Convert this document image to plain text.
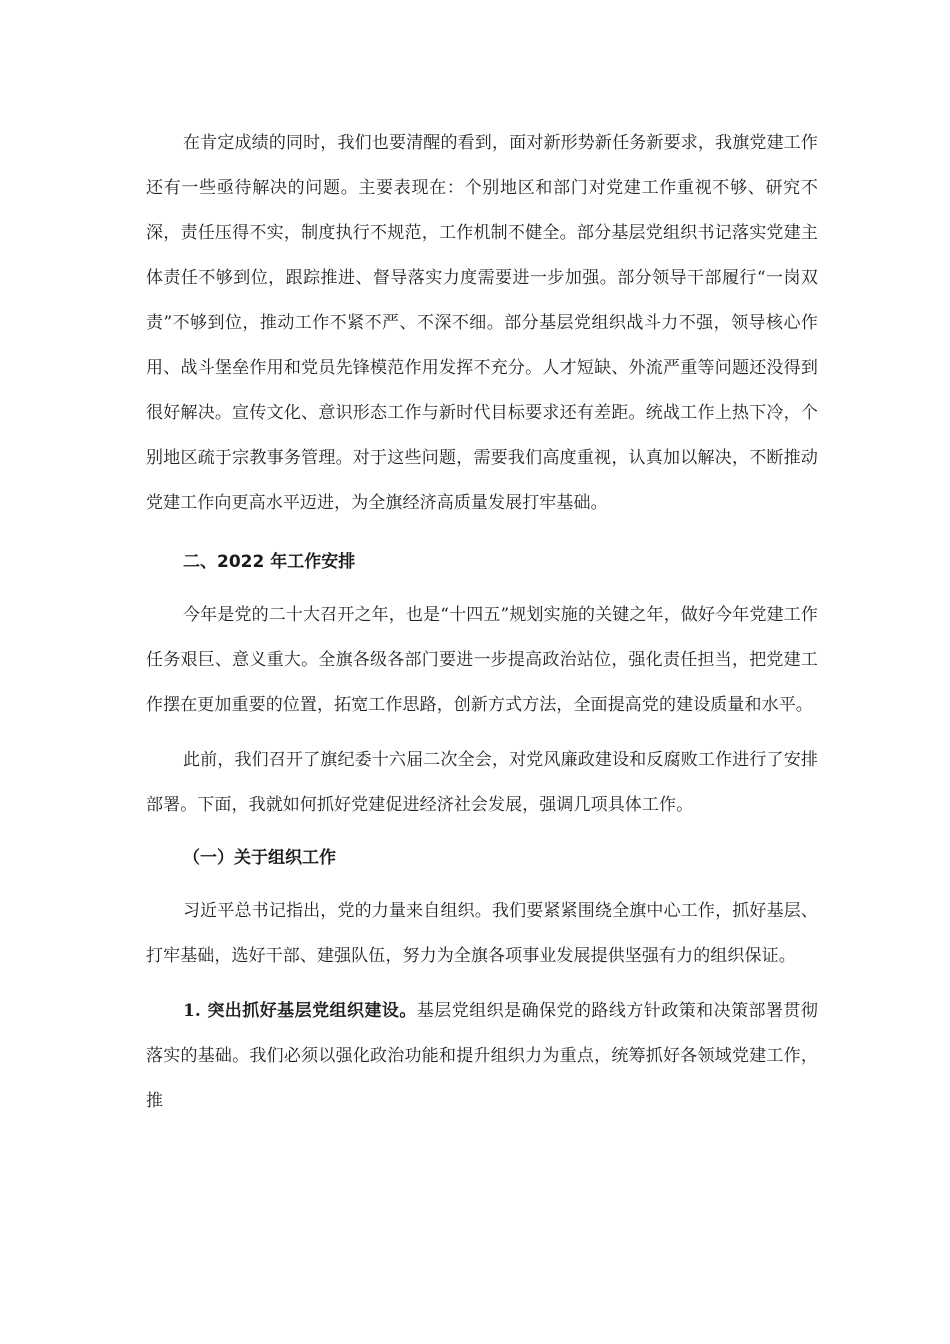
在肯定成绩的同时，我们也要清醒的看到，面对新形势新任务新要求，我旗党建工作还有一些亟待解决的问题。主要表现在：个别地区和部门对党建工作重视不够、研究不深，责任压得不实，制度执行不规范，工作机制不健全。部分基层党组织书记落实党建主体责任不够到位，跟踪推进、督导落实力度需要进一步加强。部分领导干部履行“一岗双责”不够到位，推动工作不紧不严、不深不细。部分基层党组织战斗力不强，领导核心作用、战斗堡垒作用和党员先锋模范作用发挥不充分。人才短缺、外流严重等问题还没得到很好解决。宣传文化、意识形态工作与新时代目标要求还有差距。统战工作上热下冷，个别地区疏于宗教事务管理。对于这些问题，需要我们高度重视，认真加以解决，不断推动党建工作向更高水平迈进，为全旗经济高质量发展打牢基础。

二、2022 年工作安排

今年是党的二十大召开之年，也是“十四五”规划实施的关键之年，做好今年党建工作任务艰巨、意义重大。全旗各级各部门要进一步提高政治站位，强化责任担当，把党建工作摆在更加重要的位置，拓宽工作思路，创新方式方法，全面提高党的建设质量和水平。

此前，我们召开了旗纪委十六届二次全会，对党风廉政建设和反腐败工作进行了安排部署。下面，我就如何抓好党建促进经济社会发展，强调几项具体工作。

（一）关于组织工作

习近平总书记指出，党的力量来自组织。我们要紧紧围绕全旗中心工作，抓好基层、打牢基础，选好干部、建强队伍，努力为全旗各项事业发展提供坚强有力的组织保证。

1. 突出抓好基层党组织建设。基层党组织是确保党的路线方针政策和决策部署贯彻落实的基础。我们必须以强化政治功能和提升组织力为重点，统筹抓好各领域党建工作，推
